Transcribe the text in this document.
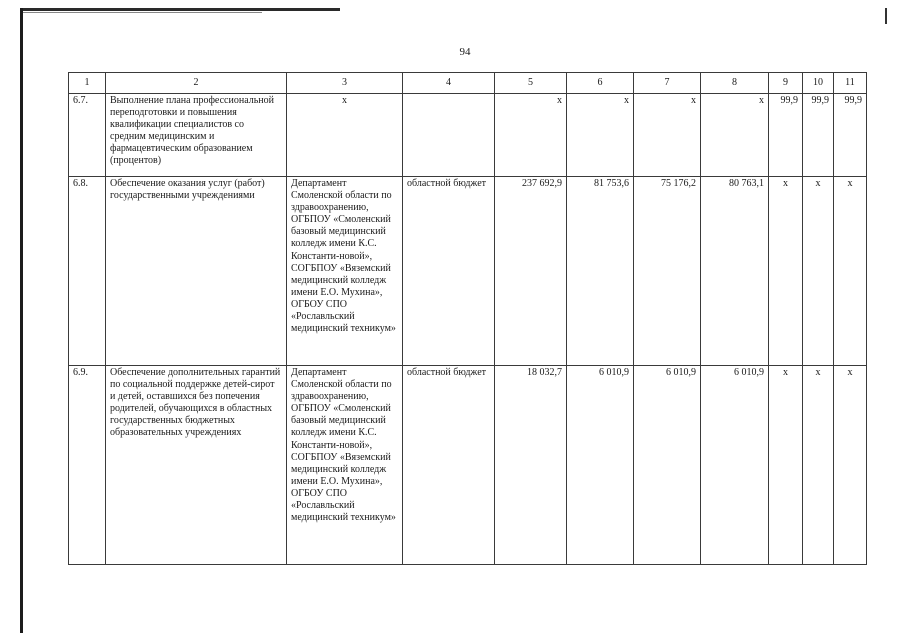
94
1	2	3	4	5	6	7	8	9	10	11
6.7.	Выполнение плана профессиональной переподготовки и повышения квалификации специалистов со средним медицинским и фармацевтическим образованием (процентов)	х		х	х	х	х	99,9	99,9	99,9
6.8.	Обеспечение оказания услуг (работ) государственными учреждениями	Департамент Смоленской области по здравоохранению, ОГБПОУ «Смоленский базовый медицинский колледж имени К.С. Константи-новой», СОГБПОУ «Вяземский медицинский колледж имени Е.О. Мухина», ОГБОУ СПО «Рославльский медицинский техникум»	областной бюджет	237 692,9	81 753,6	75 176,2	80 763,1	х	х	х
6.9.	Обеспечение дополнительных гарантий по социальной поддержке детей-сирот и детей, оставшихся без попечения родителей, обучающихся в областных государственных бюджетных образовательных учреждениях	Департамент Смоленской области по здравоохранению, ОГБПОУ «Смоленский базовый медицинский колледж имени К.С. Константи-новой», СОГБПОУ «Вяземский медицинский колледж имени Е.О. Мухина», ОГБОУ СПО «Рославльский медицинский техникум»	областной бюджет	18 032,7	6 010,9	6 010,9	6 010,9	х	х	х
